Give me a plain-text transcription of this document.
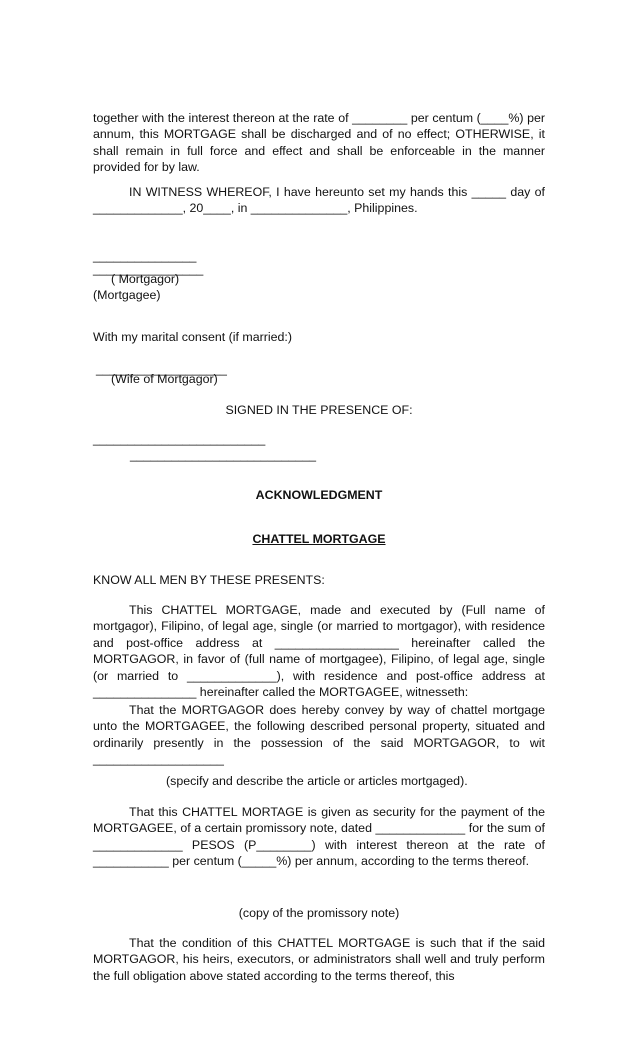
together with the interest thereon at the rate of ________ per centum (____%) per annum, this MORTGAGE shall be discharged and of no effect; OTHERWISE, it shall remain in full force and effect and shall be enforceable in the manner provided for by law.

IN WITNESS WHEREOF, I have hereunto set my hands this _____ day of _____________, 20____, in ______________, Philippines.

_______________
________________
( Mortgagor)
(Mortgagee)
With my marital consent (if married:)
___________________
(Wife of Mortgagor)
SIGNED IN THE PRESENCE OF:
_________________________
___________________________
ACKNOWLEDGMENT
CHATTEL MORTGAGE
KNOW ALL MEN BY THESE PRESENTS:

This CHATTEL MORTGAGE, made and executed by (Full name of mortgagor), Filipino, of legal age, single (or married to mortgagor), with residence and post-office address at __________________ hereinafter called the MORTGAGOR, in favor of (full name of mortgagee), Filipino, of legal age, single (or married to _____________), with residence and post-office address at _______________ hereinafter called the MORTGAGEE, witnesseth:

That the MORTGAGOR does hereby convey by way of chattel mortgage unto the MORTGAGEE, the following described personal property, situated and ordinarily presently in the possession of the said MORTGAGOR, to wit ___________________

(specify and describe the article or articles mortgaged).

That this CHATTEL MORTAGE is given as security for the payment of the MORTGAGEE, of a certain promissory note, dated _____________ for the sum of _____________ PESOS (P________) with interest thereon at the rate of ___________ per centum (_____%) per annum, according to the terms thereof.

(copy of the promissory note)

That the condition of this CHATTEL MORTGAGE is such that if the said MORTGAGOR, his heirs, executors, or administrators shall well and truly perform the full obligation above stated according to the terms thereof, this
